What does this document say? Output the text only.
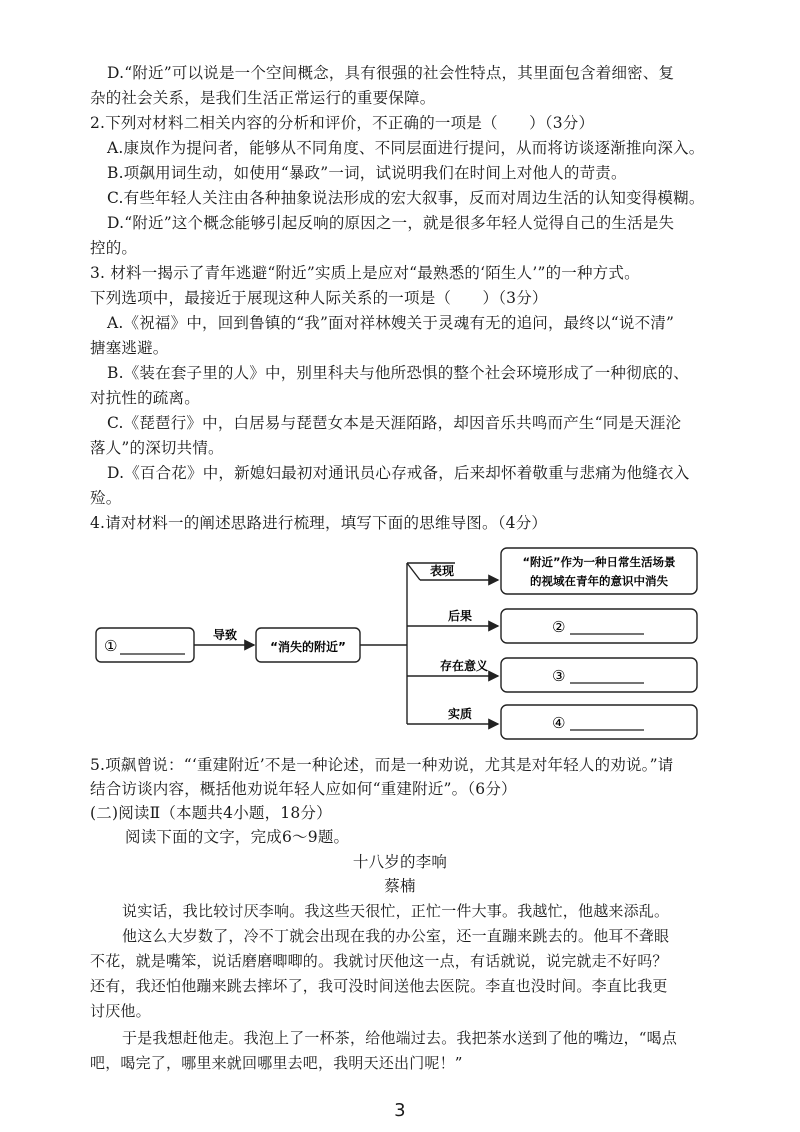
D.“附近”可以说是一个空间概念，具有很强的社会性特点，其里面包含着细密、复
杂的社会关系，是我们生活正常运行的重要保障。
2.下列对材料二相关内容的分析和评价，不正确的一项是（　　）（3分）
A.康岚作为提问者，能够从不同角度、不同层面进行提问，从而将访谈逐渐推向深入。
B.项飙用词生动，如使用“暴政”一词，试说明我们在时间上对他人的苛责。
C.有些年轻人关注由各种抽象说法形成的宏大叙事，反而对周边生活的认知变得模糊。
D.“附近”这个概念能够引起反响的原因之一，就是很多年轻人觉得自己的生活是失
控的。
3. 材料一揭示了青年逃避“附近”实质上是应对“最熟悉的‘陌生人’”的一种方式。
下列选项中，最接近于展现这种人际关系的一项是（　　）（3分）
A.《祝福》中，回到鲁镇的“我”面对祥林嫂关于灵魂有无的追问，最终以“说不清”
搪塞逃避。
B.《装在套子里的人》中，别里科夫与他所恐惧的整个社会环境形成了一种彻底的、
对抗性的疏离。
C.《琵琶行》中，白居易与琵琶女本是天涯陌路，却因音乐共鸣而产生“同是天涯沦
落人”的深切共情。
D.《百合花》中，新媳妇最初对通讯员心存戒备，后来却怀着敬重与悲痛为他缝衣入
殓。
4.请对材料一的阐述思路进行梳理，填写下面的思维导图。（4分）
①
导致
“消失的附近”
表现
“附近”作为一种日常生活场景
的视域在青年的意识中消失
后果
②
存在意义
③
实质	④
5.项飙曾说：“‘重建附近’不是一种论述，而是一种劝说，尤其是对年轻人的劝说。”请
结合访谈内容，概括他劝说年轻人应如何“重建附近”。（6分）
(二)阅读Ⅱ（本题共4小题，18分）
阅读下面的文字，完成6～9题。
十八岁的李响
蔡楠
说实话，我比较讨厌李响。我这些天很忙，正忙一件大事。我越忙，他越来添乱。
他这么大岁数了，冷不丁就会出现在我的办公室，还一直蹦来跳去的。他耳不聋眼
不花，就是嘴笨，说话磨磨唧唧的。我就讨厌他这一点，有话就说，说完就走不好吗？
还有，我还怕他蹦来跳去摔坏了，我可没时间送他去医院。李直也没时间。李直比我更
讨厌他。
于是我想赶他走。我泡上了一杯茶，给他端过去。我把茶水送到了他的嘴边，“喝点
吧，喝完了，哪里来就回哪里去吧，我明天还出门呢！”
3
